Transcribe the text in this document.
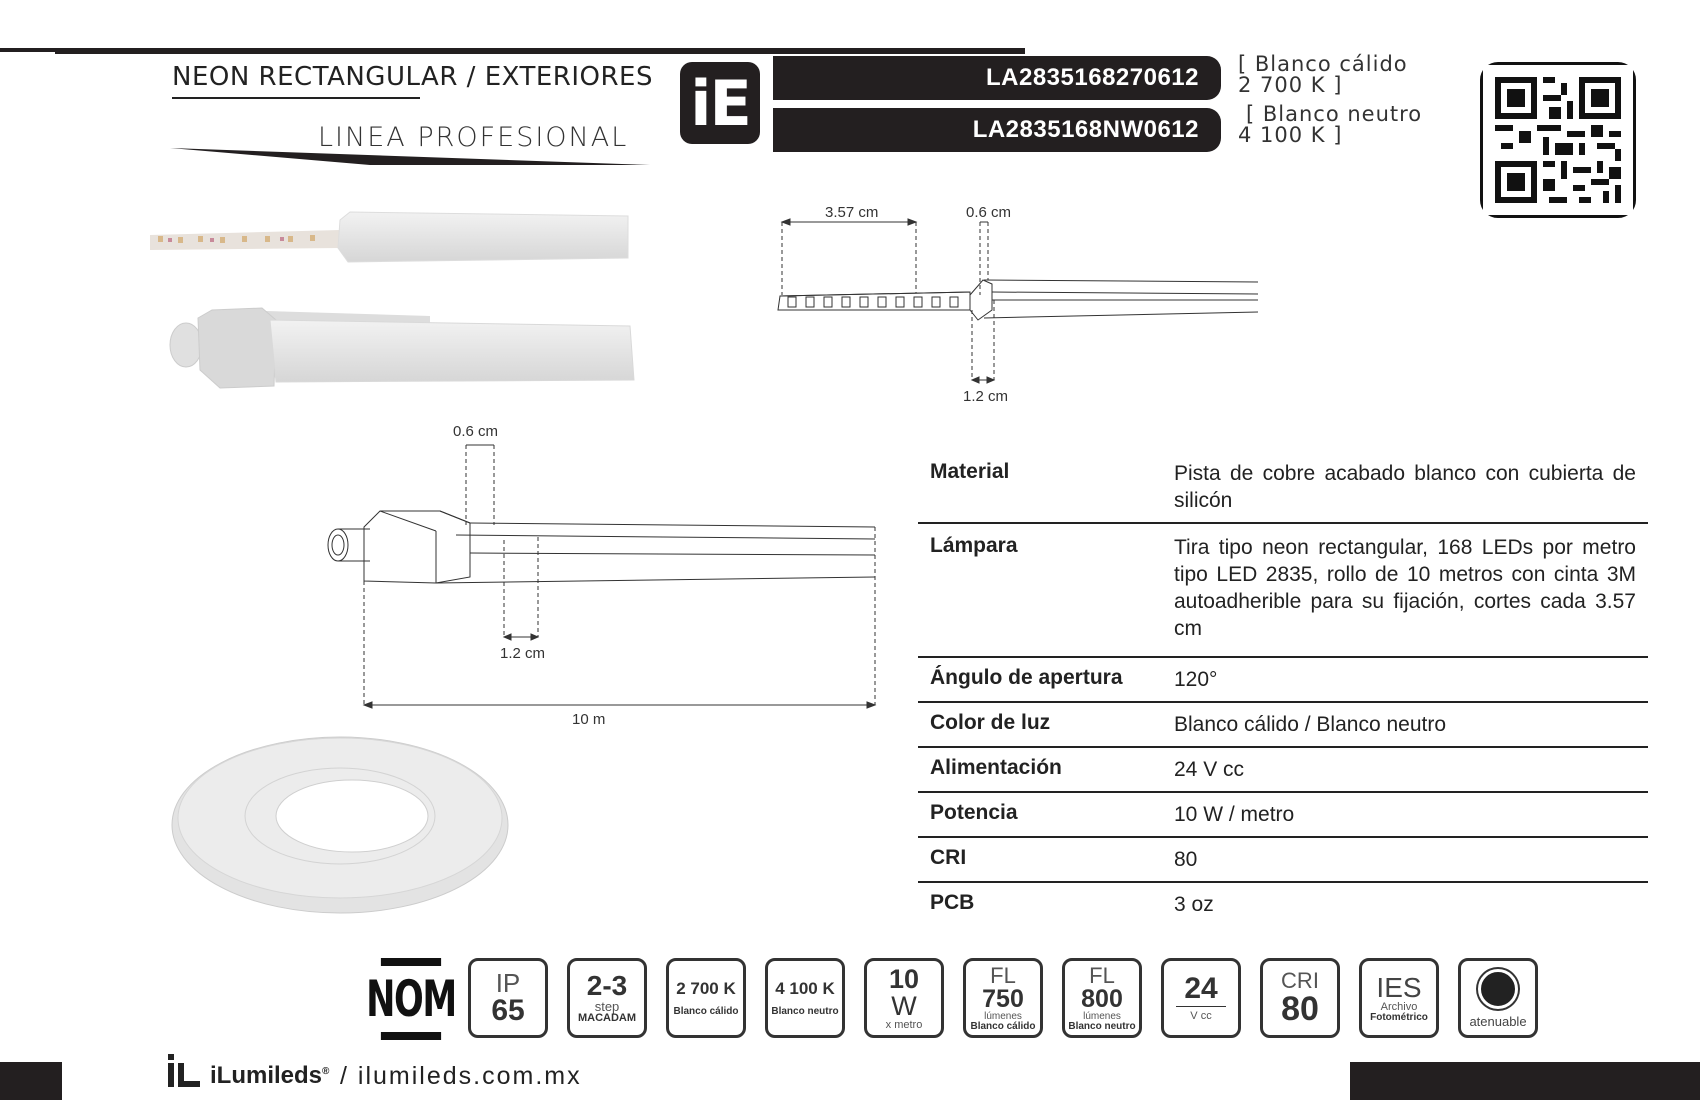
NEON RECTANGULAR / EXTERIORES
LINEA PROFESIONAL iE	LA2835168270612
LA2835168NW0612
[ Blanco cálido
2 700 K ]
[ Blanco neutro
4 100 K ]
3.57 cm	0.6 cm
1.2 cm
0.6 cm
1.2 cm
10 m
Material	Pista de cobre acabado blanco con cubierta de silicón
Lámpara	Tira tipo neon rectangular, 168 LEDs por metro tipo LED 2835, rollo de 10 metros con cinta 3M autoadherible para su fijación, cortes cada 3.57 cm
Ángulo de apertura	120°
Color de luz	Blanco cálido / Blanco neutro
Alimentación	24 V cc
Potencia	10 W / metro
CRI	80
PCB	3 oz
NOM IP
65
2-3
step
MACADAM
2 700 K
Blanco cálido
4 100 K
Blanco neutro
10
W
x metro
FL
750
lúmenes
Blanco cálido
FL
800
lúmenes
Blanco neutro
24
V cc
CRI
80
IES
Archivo
Fotométrico	atenuable
iLumileds® / ilumileds.com.mx
